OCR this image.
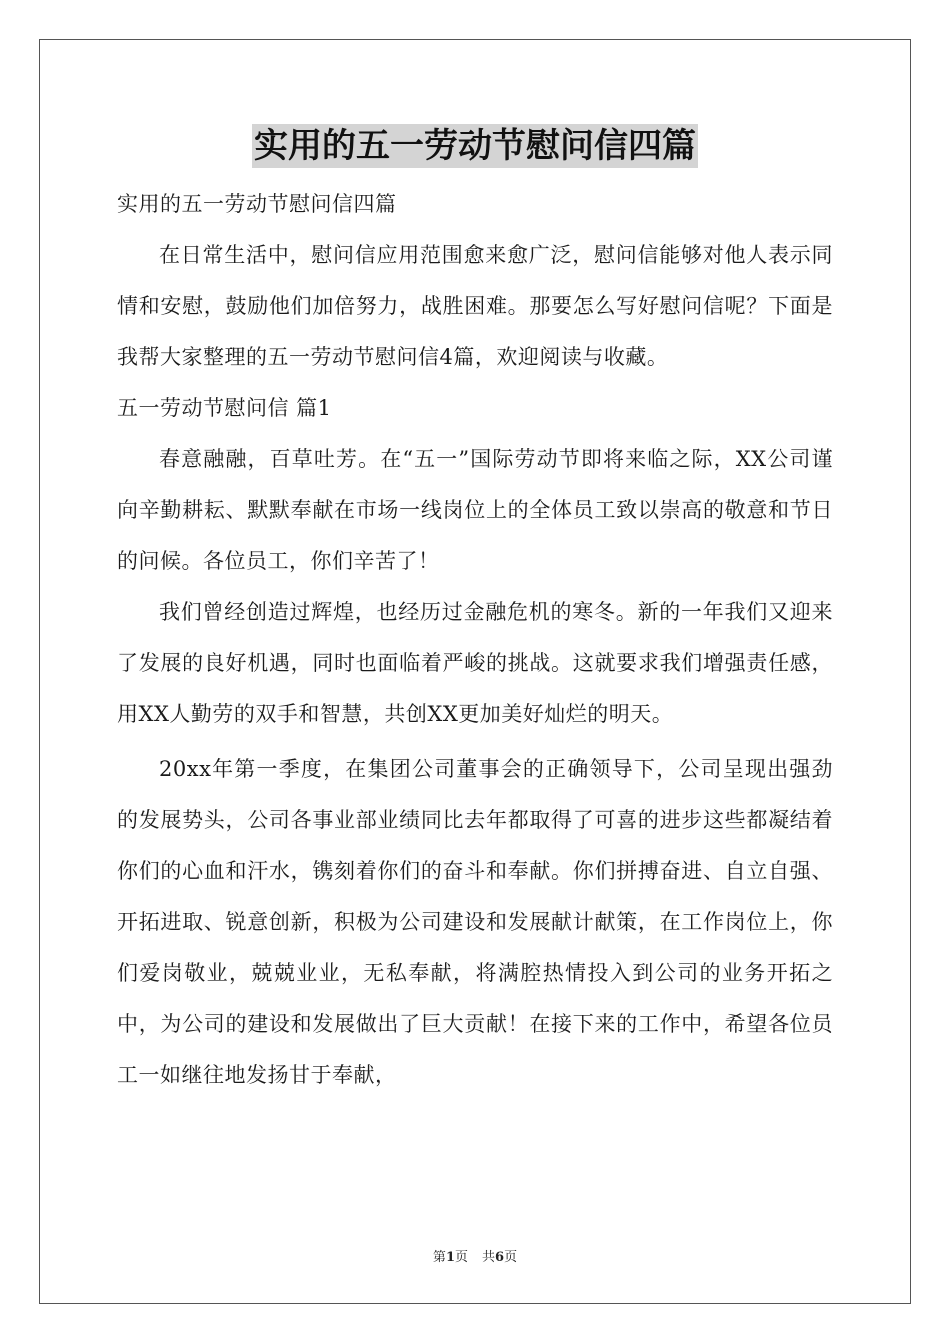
实用的五一劳动节慰问信四篇

实用的五一劳动节慰问信四篇

在日常生活中，慰问信应用范围愈来愈广泛，慰问信能够对他人表示同情和安慰，鼓励他们加倍努力，战胜困难。那要怎么写好慰问信呢？下面是我帮大家整理的五一劳动节慰问信4篇，欢迎阅读与收藏。

五一劳动节慰问信 篇1

春意融融，百草吐芳。在“五一”国际劳动节即将来临之际，XX公司谨向辛勤耕耘、默默奉献在市场一线岗位上的全体员工致以崇高的敬意和节日的问候。各位员工，你们辛苦了！

我们曾经创造过辉煌，也经历过金融危机的寒冬。新的一年我们又迎来了发展的良好机遇，同时也面临着严峻的挑战。这就要求我们增强责任感，用XX人勤劳的双手和智慧，共创XX更加美好灿烂的明天。

20xx年第一季度，在集团公司董事会的正确领导下，公司呈现出强劲的发展势头，公司各事业部业绩同比去年都取得了可喜的进步这些都凝结着你们的心血和汗水，镌刻着你们的奋斗和奉献。你们拼搏奋进、自立自强、开拓进取、锐意创新，积极为公司建设和发展献计献策，在工作岗位上，你们爱岗敬业，兢兢业业，无私奉献，将满腔热情投入到公司的业务开拓之中，为公司的建设和发展做出了巨大贡献！在接下来的工作中，希望各位员工一如继往地发扬甘于奉献，

第1页 共6页
